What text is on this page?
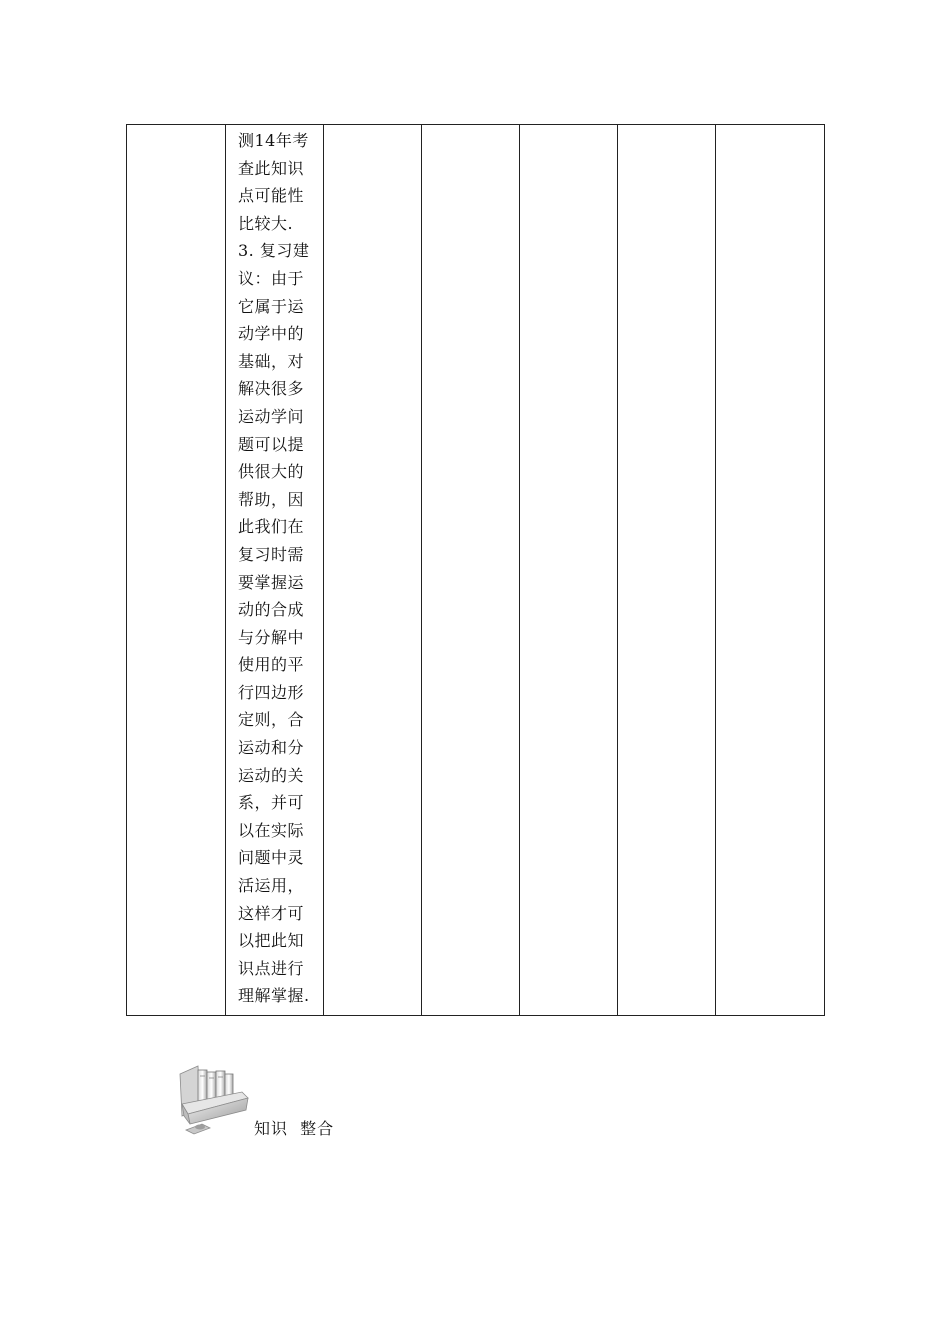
测14年考
查此知识
点可能性
比较大.
3. 复习建
议：由于
它属于运
动学中的
基础，对
解决很多
运动学问
题可以提
供很大的
帮助，因
此我们在
复习时需
要掌握运
动的合成
与分解中
使用的平
行四边形
定则，合
运动和分
运动的关
系，并可
以在实际
问题中灵
活运用，
这样才可
以把此知
识点进行
理解掌握.

知识  整合
